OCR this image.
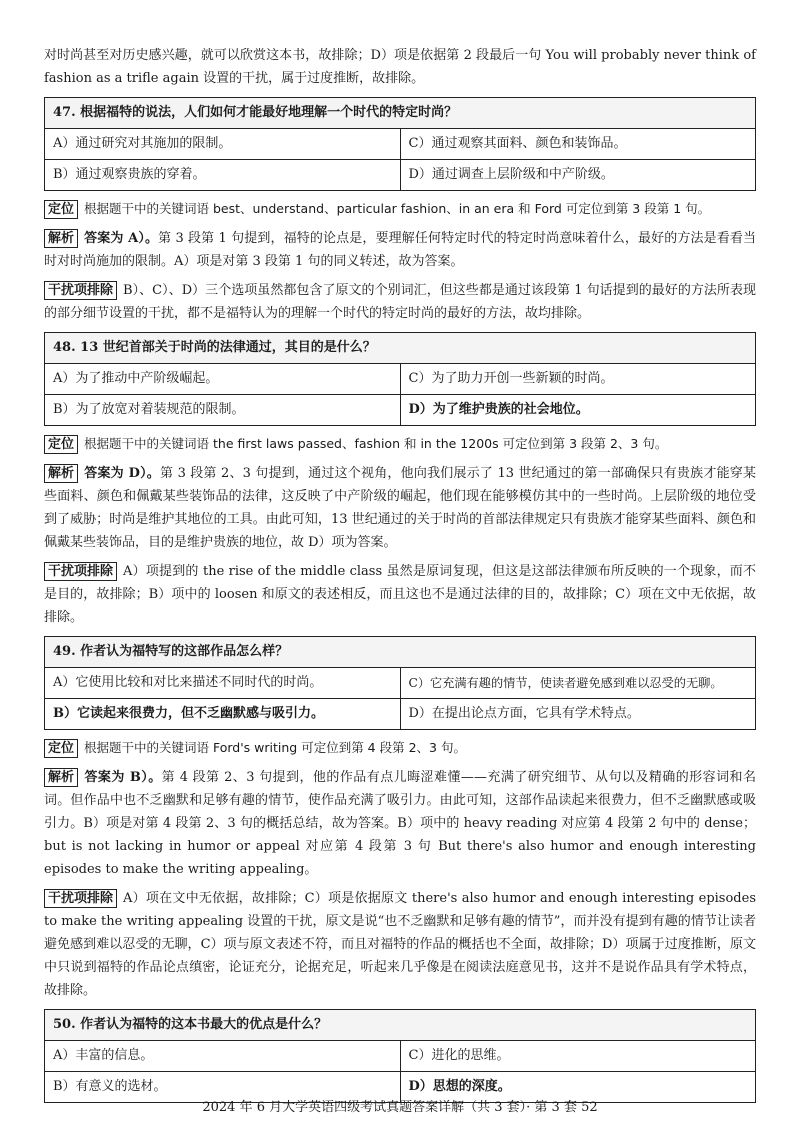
对时尚甚至对历史感兴趣，就可以欣赏这本书，故排除；D）项是依据第 2 段最后一句 You will probably never think of fashion as a trifle again 设置的干扰，属于过度推断，故排除。

47. 根据福特的说法，人们如何才能最好地理解一个时代的特定时尚？	
A）通过研究对其施加的限制。	C）通过观察其面料、颜色和装饰品。
B）通过观察贵族的穿着。	D）通过调查上层阶级和中产阶级。

定位 根据题干中的关键词语 best、understand、particular fashion、in an era 和 Ford 可定位到第 3 段第 1 句。

解析 答案为 A）。第 3 段第 1 句提到，福特的论点是，要理解任何特定时代的特定时尚意味着什么，最好的方法是看看当时对时尚施加的限制。A）项是对第 3 段第 1 句的同义转述，故为答案。

干扰项排除 B）、C）、D）三个选项虽然都包含了原文的个别词汇，但这些都是通过该段第 1 句话提到的最好的方法所表现的部分细节设置的干扰，都不是福特认为的理解一个时代的特定时尚的最好的方法，故均排除。

48. 13 世纪首部关于时尚的法律通过，其目的是什么？	
A）为了推动中产阶级崛起。	C）为了助力开创一些新颖的时尚。
B）为了放宽对着装规范的限制。	D）为了维护贵族的社会地位。

定位 根据题干中的关键词语 the first laws passed、fashion 和 in the 1200s 可定位到第 3 段第 2、3 句。

解析 答案为 D）。第 3 段第 2、3 句提到，通过这个视角，他向我们展示了 13 世纪通过的第一部确保只有贵族才能穿某些面料、颜色和佩戴某些装饰品的法律，这反映了中产阶级的崛起，他们现在能够模仿其中的一些时尚。上层阶级的地位受到了威胁；时尚是维护其地位的工具。由此可知，13 世纪通过的关于时尚的首部法律规定只有贵族才能穿某些面料、颜色和佩戴某些装饰品，目的是维护贵族的地位，故 D）项为答案。

干扰项排除 A）项提到的 the rise of the middle class 虽然是原词复现，但这是这部法律颁布所反映的一个现象，而不是目的，故排除；B）项中的 loosen 和原文的表述相反，而且这也不是通过法律的目的，故排除；C）项在文中无依据，故排除。

49. 作者认为福特写的这部作品怎么样？	
A）它使用比较和对比来描述不同时代的时尚。	C）它充满有趣的情节，使读者避免感到难以忍受的无聊。
B）它读起来很费力，但不乏幽默感与吸引力。	D）在提出论点方面，它具有学术特点。

定位 根据题干中的关键词语 Ford's writing 可定位到第 4 段第 2、3 句。

解析 答案为 B）。第 4 段第 2、3 句提到，他的作品有点儿晦涩难懂——充满了研究细节、从句以及精确的形容词和名词。但作品中也不乏幽默和足够有趣的情节，使作品充满了吸引力。由此可知，这部作品读起来很费力，但不乏幽默感或吸引力。B）项是对第 4 段第 2、3 句的概括总结，故为答案。B）项中的 heavy reading 对应第 4 段第 2 句中的 dense；but is not lacking in humor or appeal 对应第 4 段第 3 句 But there's also humor and enough interesting episodes to make the writing appealing。

干扰项排除 A）项在文中无依据，故排除；C）项是依据原文 there's also humor and enough interesting episodes to make the writing appealing 设置的干扰，原文是说“也不乏幽默和足够有趣的情节”，而并没有提到有趣的情节让读者避免感到难以忍受的无聊，C）项与原文表述不符，而且对福特的作品的概括也不全面，故排除；D）项属于过度推断，原文中只说到福特的作品论点缜密，论证充分，论据充足，听起来几乎像是在阅读法庭意见书，这并不是说作品具有学术特点，故排除。

50. 作者认为福特的这本书最大的优点是什么？	
A）丰富的信息。	C）进化的思维。
B）有意义的选材。	D）思想的深度。
2024 年 6 月大学英语四级考试真题答案详解（共 3 套）· 第 3 套 52
